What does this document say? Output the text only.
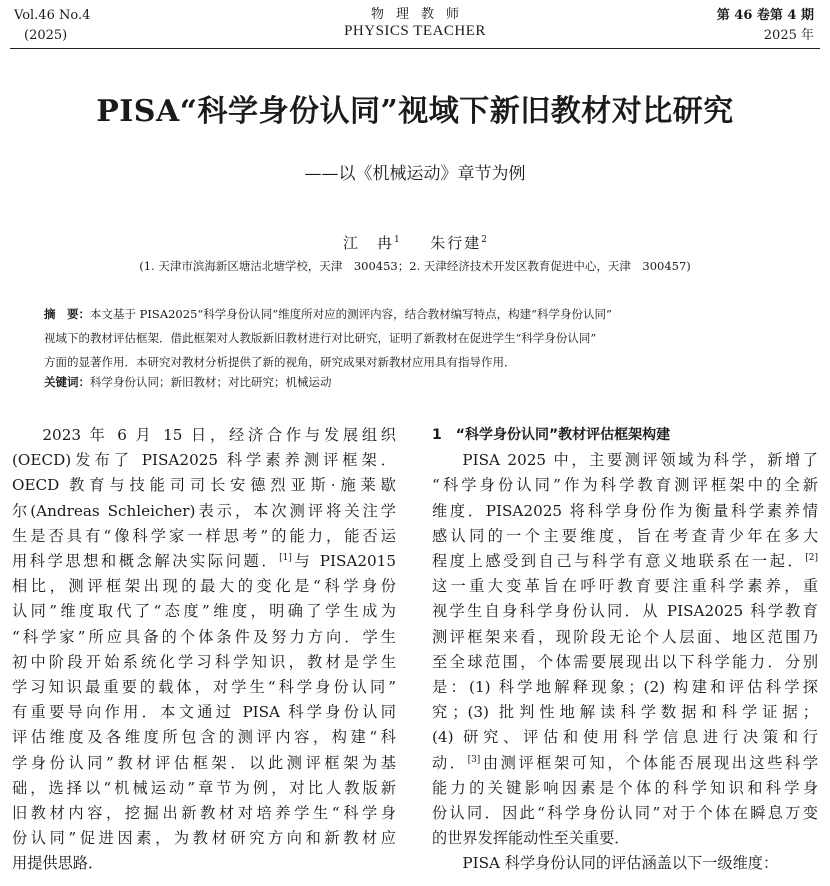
Vol.46 No.4
(2025)
物理教师
PHYSICS TEACHER
第 46 卷第 4 期
2025 年
PISA“科学身份认同”视域下新旧教材对比研究
——以《机械运动》章节为例
江　冉$^1$ 　 朱行建$^2$
(1. 天津市滨海新区塘沽北塘学校，天津　300453；2. 天津经济技术开发区教育促进中心，天津　300457)
摘　要：本文基于 PISA2025“科学身份认同”维度所对应的测评内容，结合教材编写特点，构建“科学身份认同”
视域下的教材评估框架．借此框架对人教版新旧教材进行对比研究，证明了新教材在促进学生“科学身份认同”
方面的显著作用．本研究对教材分析提供了新的视角，研究成果对新教材应用具有指导作用．
关键词：科学身份认同；新旧教材；对比研究；机械运动

2023 年 6 月 15 日，经济合作与发展组织

(OECD)发布了 PISA2025 科学素养测评框架．

OECD 教育与技能司司长安德烈亚斯·施莱歇

尔(Andreas Schleicher)表示，本次测评将关注学

生是否具有“像科学家一样思考”的能力，能否运

用科学思想和概念解决实际问题．[1]与 PISA2015

相比，测评框架出现的最大的变化是“科学身份

认同”维度取代了“态度”维度，明确了学生成为

“科学家”所应具备的个体条件及努力方向．学生

初中阶段开始系统化学习科学知识，教材是学生

学习知识最重要的载体，对学生“科学身份认同”

有重要导向作用．本文通过 PISA 科学身份认同

评估维度及各维度所包含的测评内容，构建“科

学身份认同”教材评估框架．以此测评框架为基

础，选择以“机械运动”章节为例，对比人教版新

旧教材内容，挖掘出新教材对培养学生“科学身

份认同”促进因素，为教材研究方向和新教材应

用提供思路．

1　“科学身份认同”教材评估框架构建

PISA 2025 中，主要测评领域为科学，新增了

“科学身份认同”作为科学教育测评框架中的全新

维度．PISA2025 将科学身份作为衡量科学素养情

感认同的一个主要维度，旨在考查青少年在多大

程度上感受到自己与科学有意义地联系在一起．[2]

这一重大变革旨在呼吁教育要注重科学素养，重

视学生自身科学身份认同．从 PISA2025 科学教育

测评框架来看，现阶段无论个人层面、地区范围乃

至全球范围，个体需要展现出以下科学能力．分别

是：(1) 科学地解释现象；(2) 构建和评估科学探

究；(3) 批判性地解读科学数据和科学证据；

(4) 研究、评估和使用科学信息进行决策和行

动．[3]由测评框架可知，个体能否展现出这些科学

能力的关键影响因素是个体的科学知识和科学身

份认同．因此“科学身份认同”对于个体在瞬息万变

的世界发挥能动性至关重要．

PISA 科学身份认同的评估涵盖以下一级维度：
